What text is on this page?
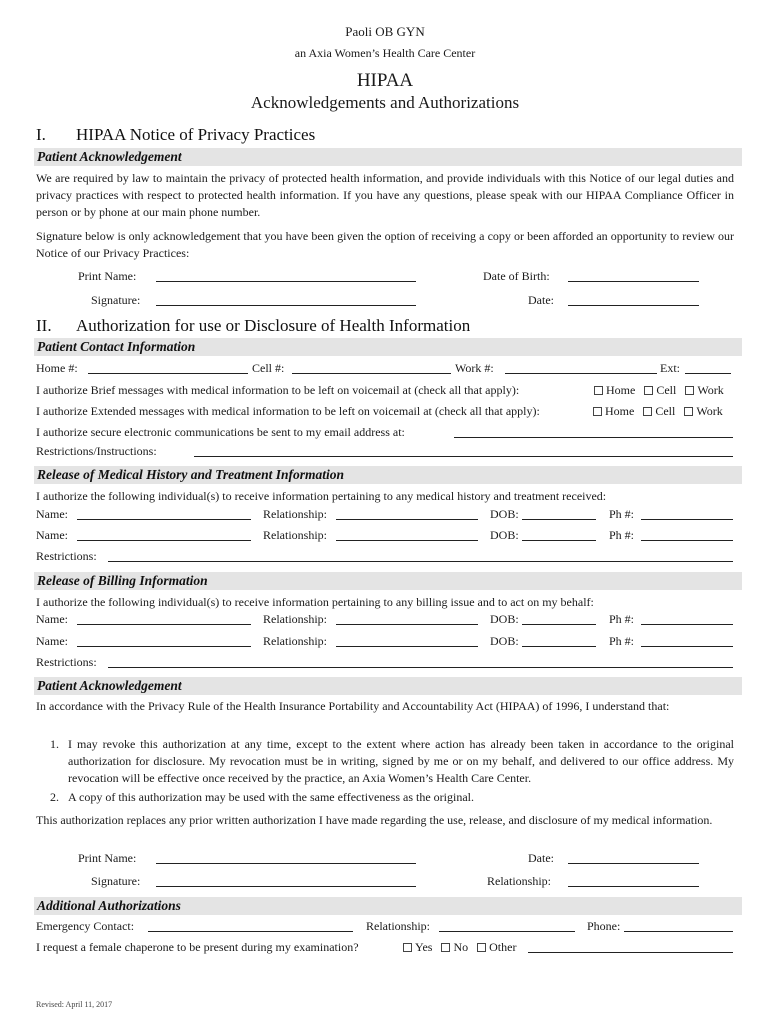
Paoli OB GYN
an Axia Women’s Health Care Center
HIPAA
Acknowledgements and Authorizations
I. HIPAA Notice of Privacy Practices
Patient Acknowledgement
We are required by law to maintain the privacy of protected health information, and provide individuals with this Notice of our legal duties and privacy practices with respect to protected health information. If you have any questions, please speak with our HIPAA Compliance Officer in person or by phone at our main phone number.
Signature below is only acknowledgement that you have been given the option of receiving a copy or been afforded an opportunity to review our Notice of our Privacy Practices:
Print Name:	Date of Birth:
Signature:	Date:
II. Authorization for use or Disclosure of Health Information
Patient Contact Information
Home #:	Cell #:	Work #:	Ext:
I authorize Brief messages with medical information to be left on voicemail at (check all that apply):	Home Cell Work
I authorize Extended messages with medical information to be left on voicemail at (check all that apply):	Home Cell Work
I authorize secure electronic communications be sent to my email address at:
Restrictions/Instructions:
Release of Medical History and Treatment Information
I authorize the following individual(s) to receive information pertaining to any medical history and treatment received:
Name:	Relationship:	DOB:	Ph #:
Name:	Relationship:	DOB:	Ph #:
Restrictions:
Release of Billing Information
I authorize the following individual(s) to receive information pertaining to any billing issue and to act on my behalf:
Name:	Relationship:	DOB:	Ph #:
Name:	Relationship:	DOB:	Ph #:
Restrictions:
Patient Acknowledgement
In accordance with the Privacy Rule of the Health Insurance Portability and Accountability Act (HIPAA) of 1996, I understand that:
1. I may revoke this authorization at any time, except to the extent where action has already been taken in accordance to the original authorization for disclosure. My revocation must be in writing, signed by me or on my behalf, and delivered to our office address. My revocation will be effective once received by the practice, an Axia Women’s Health Care Center.
2. A copy of this authorization may be used with the same effectiveness as the original.
This authorization replaces any prior written authorization I have made regarding the use, release, and disclosure of my medical information.
Print Name:	Date:
Signature:	Relationship:
Additional Authorizations
Emergency Contact:	Relationship:	Phone:
I request a female chaperone to be present during my examination?	Yes No Other
Revised: April 11, 2017
